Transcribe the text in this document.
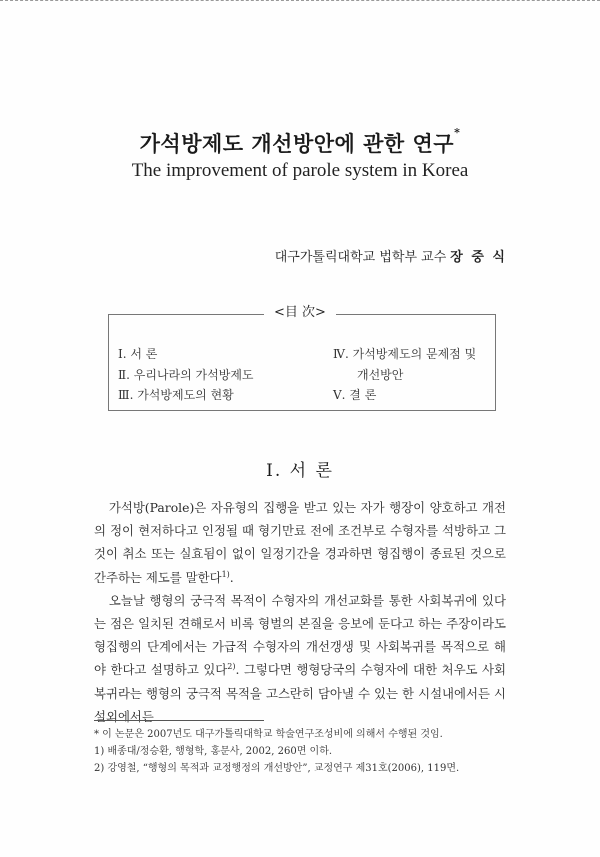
가석방제도 개선방안에 관한 연구*
The improvement of parole system in Korea
대구가톨릭대학교 법학부 교수 장 중 식
<目 次>
Ⅰ. 서 론
Ⅱ. 우리나라의 가석방제도
Ⅲ. 가석방제도의 현황
Ⅳ. 가석방제도의 문제점 및
개선방안
Ⅴ. 결 론
Ⅰ. 서 론

가석방(Parole)은 자유형의 집행을 받고 있는 자가 행장이 양호하고 개전의 정이 현저하다고 인정될 때 형기만료 전에 조건부로 수형자를 석방하고 그것이 취소 또는 실효됨이 없이 일정기간을 경과하면 형집행이 종료된 것으로 간주하는 제도를 말한다$^{1)}$.

오늘날 행형의 궁극적 목적이 수형자의 개선교화를 통한 사회복귀에 있다는 점은 일치된 견해로서 비록 형벌의 본질을 응보에 둔다고 하는 주장이라도 형집행의 단계에서는 가급적 수형자의 개선갱생 및 사회복귀를 목적으로 해야 한다고 설명하고 있다$^{2)}$. 그렇다면 행형당국의 수형자에 대한 처우도 사회복귀라는 행형의 궁극적 목적을 고스란히 담아낼 수 있는 한 시설내에서든 시설외에서든

* 이 논문은 2007년도 대구가톨릭대학교 학술연구조성비에 의해서 수행된 것임.
1) 배종대/정승환, 행형학, 홍문사, 2002, 260면 이하.
2) 강영철, “행형의 목적과 교정행정의 개선방안”, 교정연구 제31호(2006), 119면.
